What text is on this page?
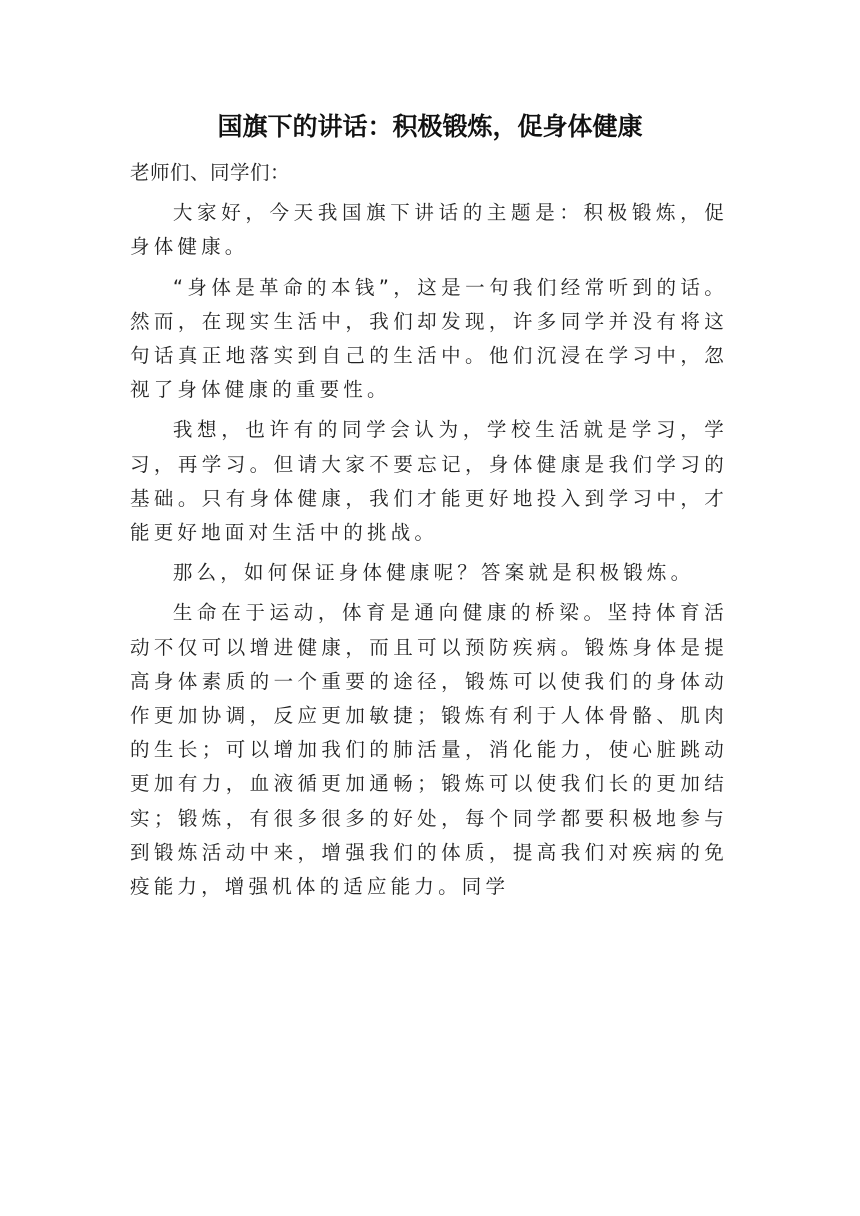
国旗下的讲话：积极锻炼，促身体健康

老师们、同学们：

大家好，今天我国旗下讲话的主题是：积极锻炼，促身体健康。

“身体是革命的本钱”，这是一句我们经常听到的话。然而，在现实生活中，我们却发现，许多同学并没有将这句话真正地落实到自己的生活中。他们沉浸在学习中，忽视了身体健康的重要性。

我想，也许有的同学会认为，学校生活就是学习，学习，再学习。但请大家不要忘记，身体健康是我们学习的基础。只有身体健康，我们才能更好地投入到学习中，才能更好地面对生活中的挑战。

那么，如何保证身体健康呢？答案就是积极锻炼。

生命在于运动，体育是通向健康的桥梁。坚持体育活动不仅可以增进健康，而且可以预防疾病。锻炼身体是提高身体素质的一个重要的途径，锻炼可以使我们的身体动作更加协调，反应更加敏捷；锻炼有利于人体骨骼、肌肉的生长；可以增加我们的肺活量，消化能力，使心脏跳动更加有力，血液循更加通畅；锻炼可以使我们长的更加结实；锻炼，有很多很多的好处，每个同学都要积极地参与到锻炼活动中来，增强我们的体质，提高我们对疾病的免疫能力，增强机体的适应能力。同学
